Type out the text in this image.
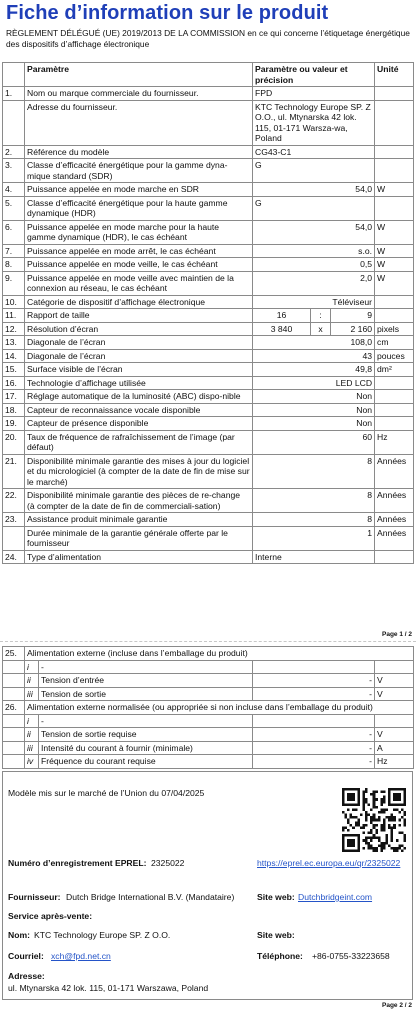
Fiche d’information sur le produit
RÈGLEMENT DÉLÉGUÉ (UE) 2019/2013 DE LA COMMISSION en ce qui concerne l’étiquetage énergétique des dispositifs d’affichage électronique
	Paramètre	Paramètre ou valeur et précision			Unité
1.	Nom ou marque commerciale du fournisseur.	FPD			
	Adresse du fournisseur.	KTC Technology Europe SP. Z O.O., ul. Mtynarska 42 lok. 115, 01-171 Warsza-wa, Poland			
2.	Référence du modèle	CG43-C1			
3.	Classe d’efficacité énergétique pour la gamme dyna-mique standard (SDR)	G			
4.	Puissance appelée en mode marche en SDR	54,0			W
5.	Classe d’efficacité énergétique pour la haute gamme dynamique (HDR)	G			
6.	Puissance appelée en mode marche pour la haute gamme dynamique (HDR), le cas échéant	54,0			W
7.	Puissance appelée en mode arrêt, le cas échéant	s.o.			W
8.	Puissance appelée en mode veille, le cas échéant	0,5			W
9.	Puissance appelée en mode veille avec maintien de la connexion au réseau, le cas échéant	2,0			W
10.	Catégorie de dispositif d’affichage électronique	Téléviseur			
11.	Rapport de taille	16	:	9	
12.	Résolution d’écran	3 840	x	2 160	pixels
13.	Diagonale de l’écran	108,0			cm
14.	Diagonale de l’écran	43			pouces
15.	Surface visible de l’écran	49,8			dm²
16.	Technologie d’affichage utilisée	LED LCD			
17.	Réglage automatique de la luminosité (ABC) dispo-nible	Non			
18.	Capteur de reconnaissance vocale disponible	Non			
19.	Capteur de présence disponible	Non			
20.	Taux de fréquence de rafraîchissement de l’image (par défaut)	60			Hz
21.	Disponibilité minimale garantie des mises à jour du logiciel et du micrologiciel (à compter de la date de fin de mise sur le marché)	8			Années
22.	Disponibilité minimale garantie des pièces de re-change (à compter de la date de fin de commerciali-sation)	8			Années
23.	Assistance produit minimale garantie	8			Années
	Durée minimale de la garantie générale offerte par le fournisseur	1			Années
24.	Type d’alimentation	Interne			
Page 1 / 2
25.	Alimentation externe (incluse dans l’emballage du produit)			
	i	-		
	ii	Tension d’entrée	-	V
	iii	Tension de sortie	-	V
26.	Alimentation externe normalisée (ou appropriée si non incluse dans l’emballage du produit)			
	i	-		
	ii	Tension de sortie requise	-	V
	iii	Intensité du courant à fournir (minimale)	-	A
	iv	Fréquence du courant requise	-	Hz
Modèle mis sur le marché de l’Union du 07/04/2025
Numéro d’enregistrement EPREL: 2325022	https://eprel.ec.europa.eu/qr/2325022
Fournisseur: Dutch Bridge International B.V. (Mandataire)	Site web: Dutchbridgeint.com
Service après-vente:
Nom: KTC Technology Europe SP. Z O.O.	Site web:
Courriel: xch@fpd.net.cn	Téléphone: +86-0755-33223658
Adresse:
ul. Mtynarska 42 lok. 115, 01-171 Warszawa, Poland
Page 2 / 2
